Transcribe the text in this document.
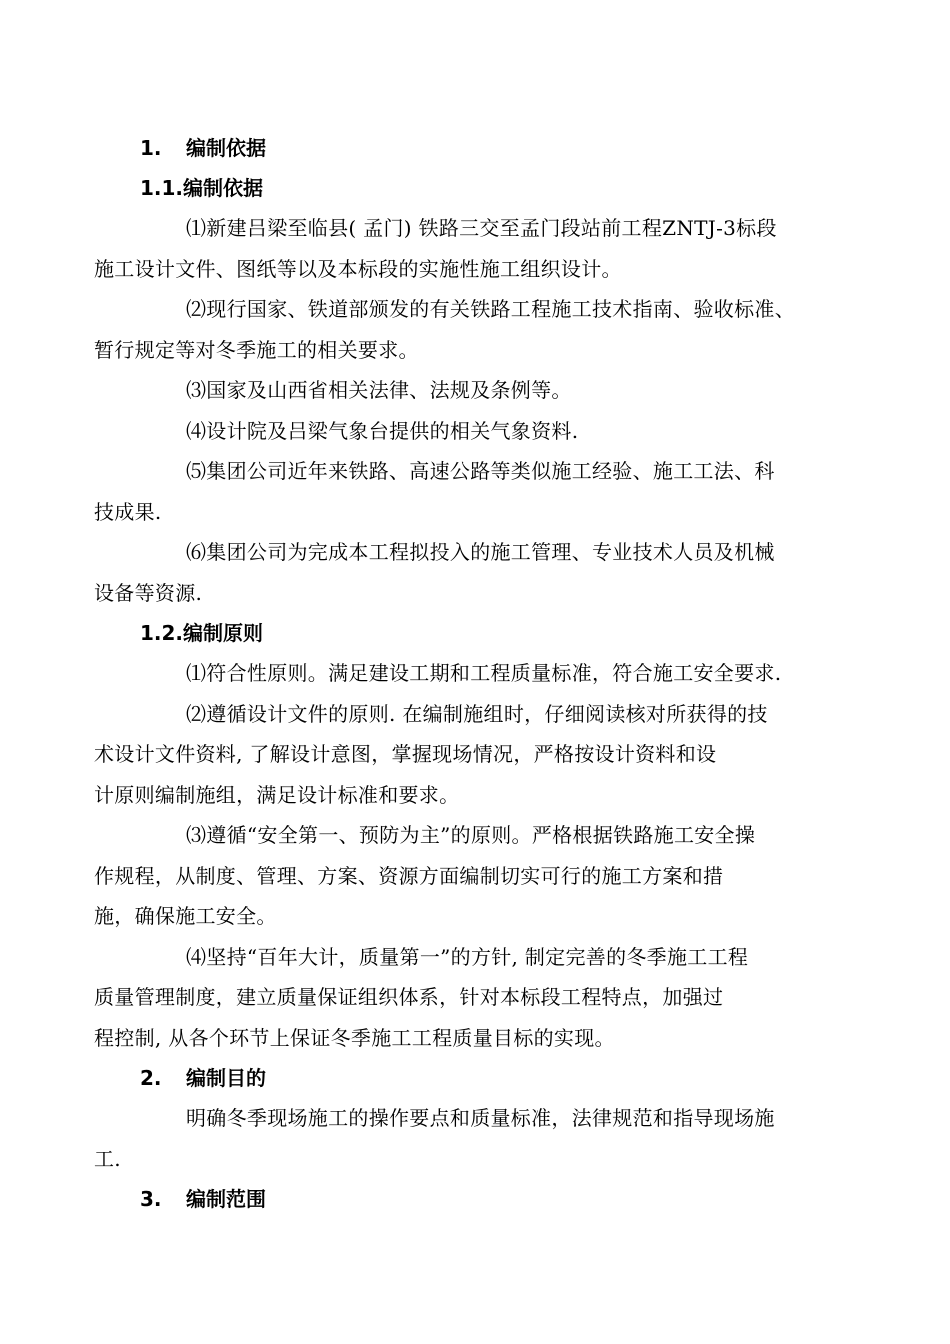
1. 编制依据
1.1.编制依据

⑴新建吕梁至临县( 孟门) 铁路三交至孟门段站前工程ZNTJ-3标段
施工设计文件、图纸等以及本标段的实施性施工组织设计。

⑵现行国家、铁道部颁发的有关铁路工程施工技术指南、验收标准、
暂行规定等对冬季施工的相关要求。

⑶国家及山西省相关法律、法规及条例等。

⑷设计院及吕梁气象台提供的相关气象资料.

⑸集团公司近年来铁路、高速公路等类似施工经验、施工工法、科
技成果.

⑹集团公司为完成本工程拟投入的施工管理、专业技术人员及机械
设备等资源.

1.2.编制原则

⑴符合性原则。满足建设工期和工程质量标准，符合施工安全要求.

⑵遵循设计文件的原则. 在编制施组时，仔细阅读核对所获得的技
术设计文件资料, 了解设计意图，掌握现场情况，严格按设计资料和设
计原则编制施组，满足设计标准和要求。

⑶遵循“安全第一、预防为主”的原则。严格根据铁路施工安全操
作规程，从制度、管理、方案、资源方面编制切实可行的施工方案和措
施，确保施工安全。

⑷坚持“百年大计，质量第一”的方针, 制定完善的冬季施工工程
质量管理制度，建立质量保证组织体系，针对本标段工程特点，加强过
程控制, 从各个环节上保证冬季施工工程质量目标的实现。

2. 编制目的

明确冬季现场施工的操作要点和质量标准，法律规范和指导现场施
工.

3. 编制范围
